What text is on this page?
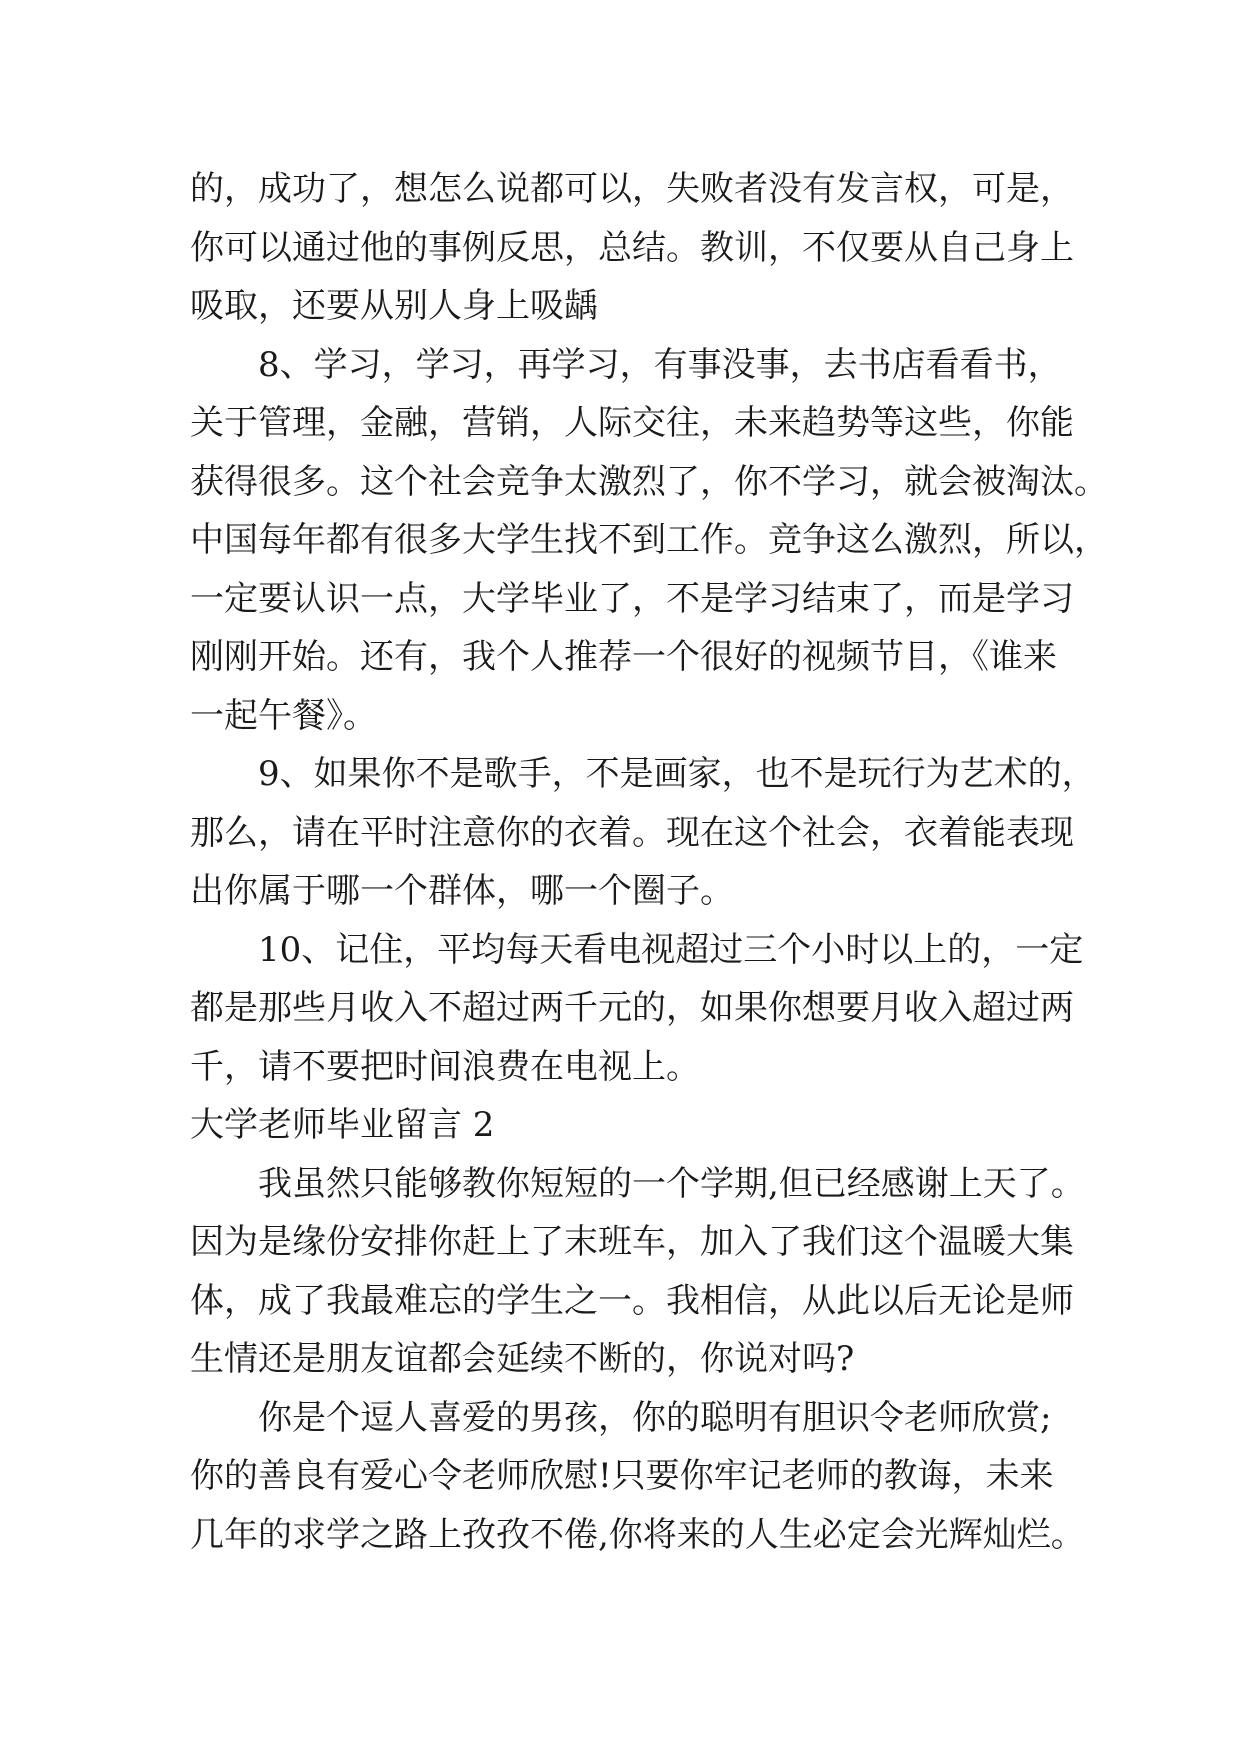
的，成功了，想怎么说都可以，失败者没有发言权，可是，
你可以通过他的事例反思，总结。教训，不仅要从自己身上
吸取，还要从别人身上吸龋
8、学习，学习，再学习，有事没事，去书店看看书，
关于管理，金融，营销，人际交往，未来趋势等这些，你能
获得很多。这个社会竞争太激烈了，你不学习，就会被淘汰。
中国每年都有很多大学生找不到工作。竞争这么激烈，所以，
一定要认识一点，大学毕业了，不是学习结束了，而是学习
刚刚开始。还有，我个人推荐一个很好的视频节目，《谁来
一起午餐》。
9、如果你不是歌手，不是画家，也不是玩行为艺术的，
那么，请在平时注意你的衣着。现在这个社会，衣着能表现
出你属于哪一个群体，哪一个圈子。
10、记住，平均每天看电视超过三个小时以上的，一定
都是那些月收入不超过两千元的，如果你想要月收入超过两
千，请不要把时间浪费在电视上。
大学老师毕业留言 2
我虽然只能够教你短短的一个学期,但已经感谢上天了。
因为是缘份安排你赶上了末班车，加入了我们这个温暖大集
体，成了我最难忘的学生之一。我相信，从此以后无论是师
生情还是朋友谊都会延续不断的，你说对吗?
你是个逗人喜爱的男孩，你的聪明有胆识令老师欣赏;
你的善良有爱心令老师欣慰!只要你牢记老师的教诲，未来
几年的求学之路上孜孜不倦,你将来的人生必定会光辉灿烂。
